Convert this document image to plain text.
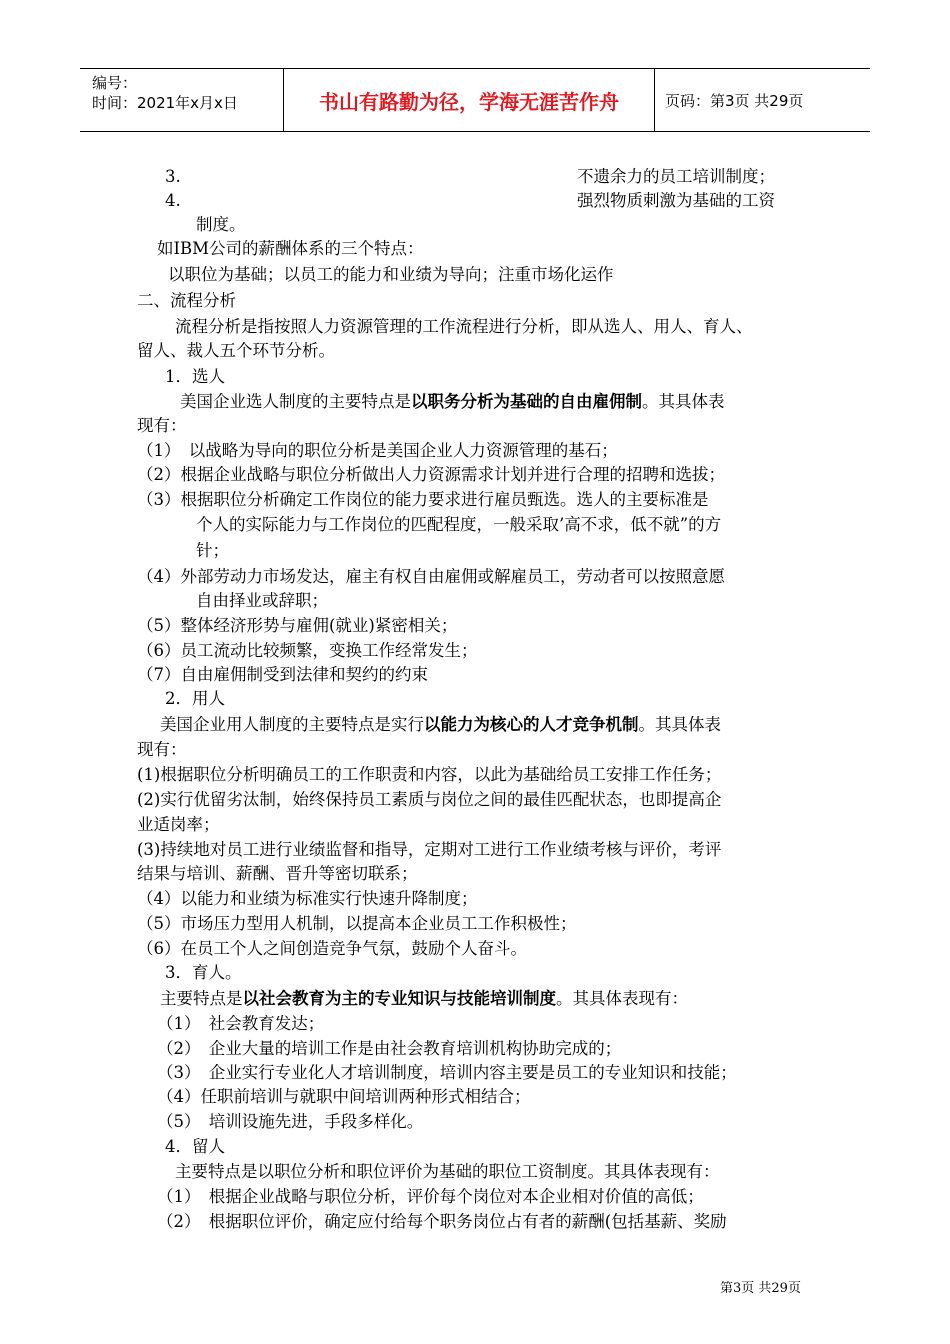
编号：
时间：2021年x月x日	书山有路勤为径，学海无涯苦作舟	页码：第3页 共29页
3.	不遗余力的员工培训制度；
4.	强烈物质刺激为基础的工资
制度。
如IBM公司的薪酬体系的三个特点：
以职位为基础；以员工的能力和业绩为导向；注重市场化运作
二、流程分析
流程分析是指按照人力资源管理的工作流程进行分析，即从选人、用人、育人、
留人、裁人五个环节分析。
1．选人
美国企业选人制度的主要特点是以职务分析为基础的自由雇佣制。其具体表
现有：
（1）　以战略为导向的职位分析是美国企业人力资源管理的基石；
（2）根据企业战略与职位分析做出人力资源需求计划并进行合理的招聘和选拔；
（3）根据职位分析确定工作岗位的能力要求进行雇员甄选。选人的主要标准是
个人的实际能力与工作岗位的匹配程度，一般采取’高不求，低不就”的方
针；
（4）外部劳动力市场发达，雇主有权自由雇佣或解雇员工，劳动者可以按照意愿
自由择业或辞职；
（5）整体经济形势与雇佣(就业)紧密相关；
（6）员工流动比较频繁，变换工作经常发生；
（7）自由雇佣制受到法律和契约的约束
2．用人
美国企业用人制度的主要特点是实行以能力为核心的人才竞争机制。其具体表
现有：
(1)根据职位分析明确员工的工作职责和内容，以此为基础给员工安排工作任务；
(2)实行优留劣汰制，始终保持员工素质与岗位之间的最佳匹配状态，也即提高企
业适岗率；
(3)持续地对员工进行业绩监督和指导，定期对工进行工作业绩考核与评价，考评
结果与培训、薪酬、晋升等密切联系；
（4）以能力和业绩为标准实行快速升降制度；
（5）市场压力型用人机制，以提高本企业员工工作积极性；
（6）在员工个人之间创造竞争气氛，鼓励个人奋斗。
3．育人。
主要特点是以社会教育为主的专业知识与技能培训制度。其具体表现有：
（1）　社会教育发达；
（2）　企业大量的培训工作是由社会教育培训机构协助完成的；
（3）　企业实行专业化人才培训制度，培训内容主要是员工的专业知识和技能；
（4）任职前培训与就职中间培训两种形式相结合；
（5）　培训设施先进，手段多样化。
4．留人
主要特点是以职位分析和职位评价为基础的职位工资制度。其具体表现有：
（1）　根据企业战略与职位分析，评价每个岗位对本企业相对价值的高低；
（2）　根据职位评价，确定应付给每个职务岗位占有者的薪酬(包括基薪、奖励
第3页 共29页
